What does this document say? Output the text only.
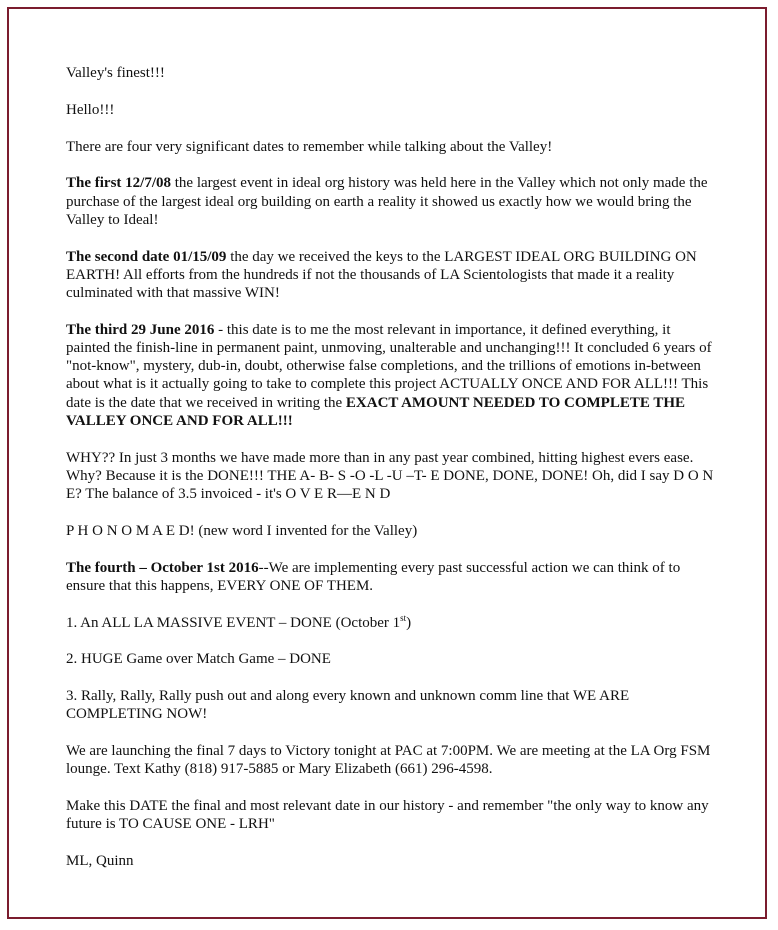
Valley's finest!!!

Hello!!!

There are four very significant dates to remember while talking about the Valley!

The first 12/7/08 the largest event in ideal org history was held here in the Valley which not only made the purchase of the largest ideal org building on earth a reality it showed us exactly how we would bring the Valley to Ideal!

The second date 01/15/09 the day we received the keys to the LARGEST IDEAL ORG BUILDING ON EARTH! All efforts from the hundreds if not the thousands of LA Scientologists that made it a reality culminated with that massive WIN!

The third 29 June 2016 - this date is to me the most relevant in importance, it defined everything, it painted the finish-line in permanent paint, unmoving, unalterable and unchanging!!! It concluded 6 years of "not-know", mystery, dub-in, doubt, otherwise false completions, and the trillions of emotions in-between about what is it actually going to take to complete this project ACTUALLY ONCE AND FOR ALL!!! This date is the date that we received in writing the EXACT AMOUNT NEEDED TO COMPLETE THE VALLEY ONCE AND FOR ALL!!!

WHY?? In just 3 months we have made more than in any past year combined, hitting highest evers ease. Why? Because it is the DONE!!! THE A- B- S -O -L -U –T- E DONE, DONE, DONE! Oh, did I say D O N E? The balance of 3.5 invoiced - it's O V E R—E N D

P H O N O M A E D! (new word I invented for the Valley)

The fourth – October 1st 2016--We are implementing every past successful action we can think of to ensure that this happens, EVERY ONE OF THEM.

1. An ALL LA MASSIVE EVENT – DONE (October 1st)

2. HUGE Game over Match Game – DONE

3. Rally, Rally, Rally push out and along every known and unknown comm line that WE ARE COMPLETING NOW!

We are launching the final 7 days to Victory tonight at PAC at 7:00PM. We are meeting at the LA Org FSM lounge. Text Kathy (818) 917-5885 or Mary Elizabeth (661) 296-4598.

Make this DATE the final and most relevant date in our history - and remember "the only way to know any future is TO CAUSE ONE - LRH"

ML, Quinn
